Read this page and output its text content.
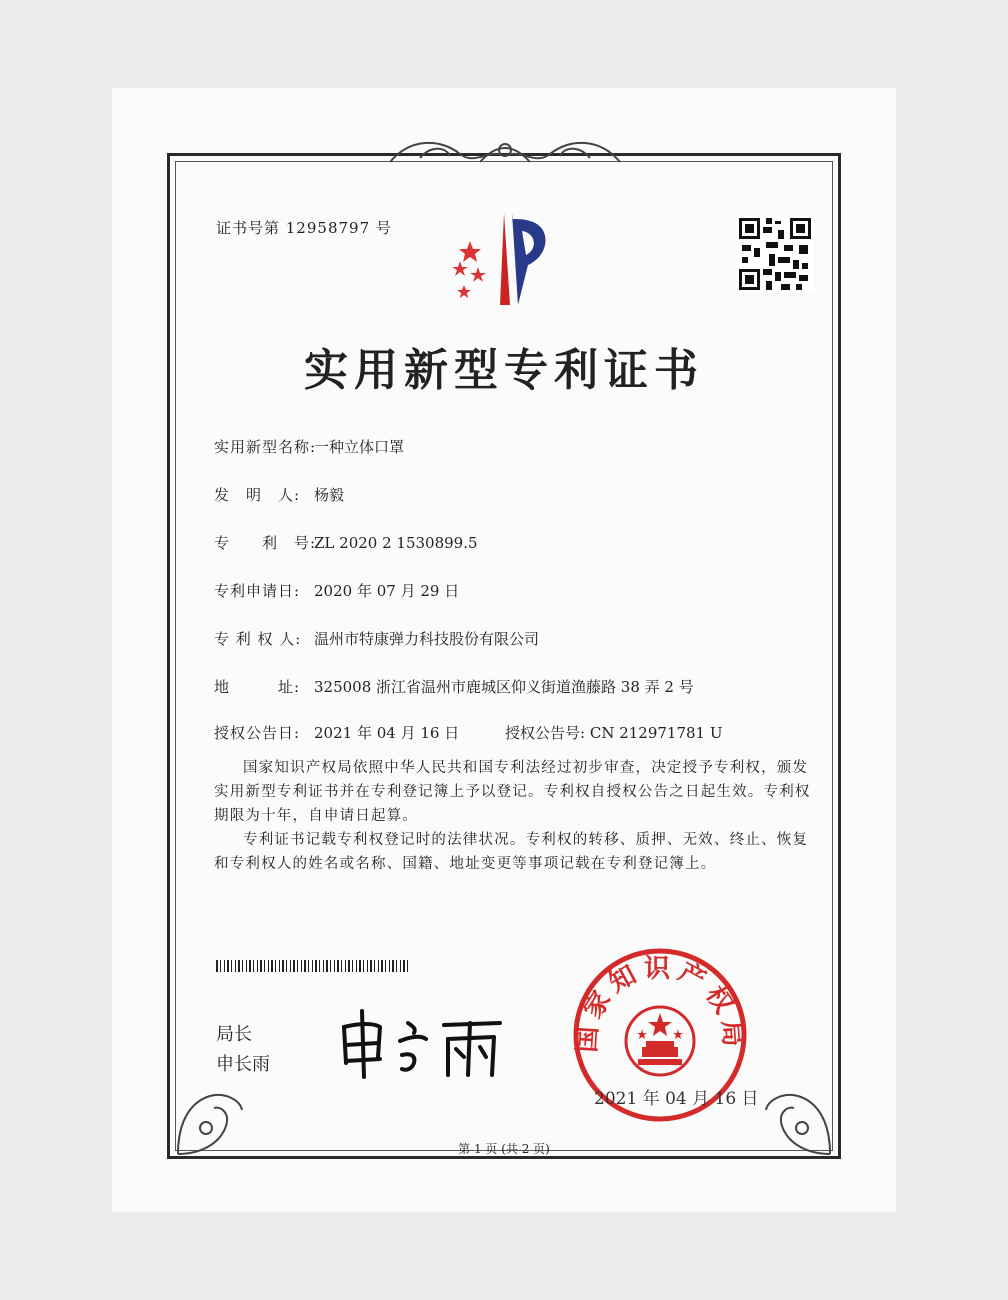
证书号第 12958797 号
实用新型专利证书
实用新型名称:一种立体口罩
发　明　人: 杨毅
专　　利　号:ZL 2020 2 1530899.5
专利申请日: 2020 年 07 月 29 日
专 利 权 人: 温州市特康弹力科技股份有限公司
地　　　址: 325008 浙江省温州市鹿城区仰义街道渔藤路 38 弄 2 号
授权公告日: 2021 年 04 月 16 日	授权公告号: CN 212971781 U
国家知识产权局依照中华人民共和国专利法经过初步审查，决定授予专利权，颁发实用新型专利证书并在专利登记簿上予以登记。专利权自授权公告之日起生效。专利权期限为十年，自申请日起算。
专利证书记载专利权登记时的法律状况。专利权的转移、质押、无效、终止、恢复和专利权人的姓名或名称、国籍、地址变更等事项记载在专利登记簿上。
局长
申长雨
国家知识产权局
2021 年 04 月 16 日
第 1 页 (共 2 页)
